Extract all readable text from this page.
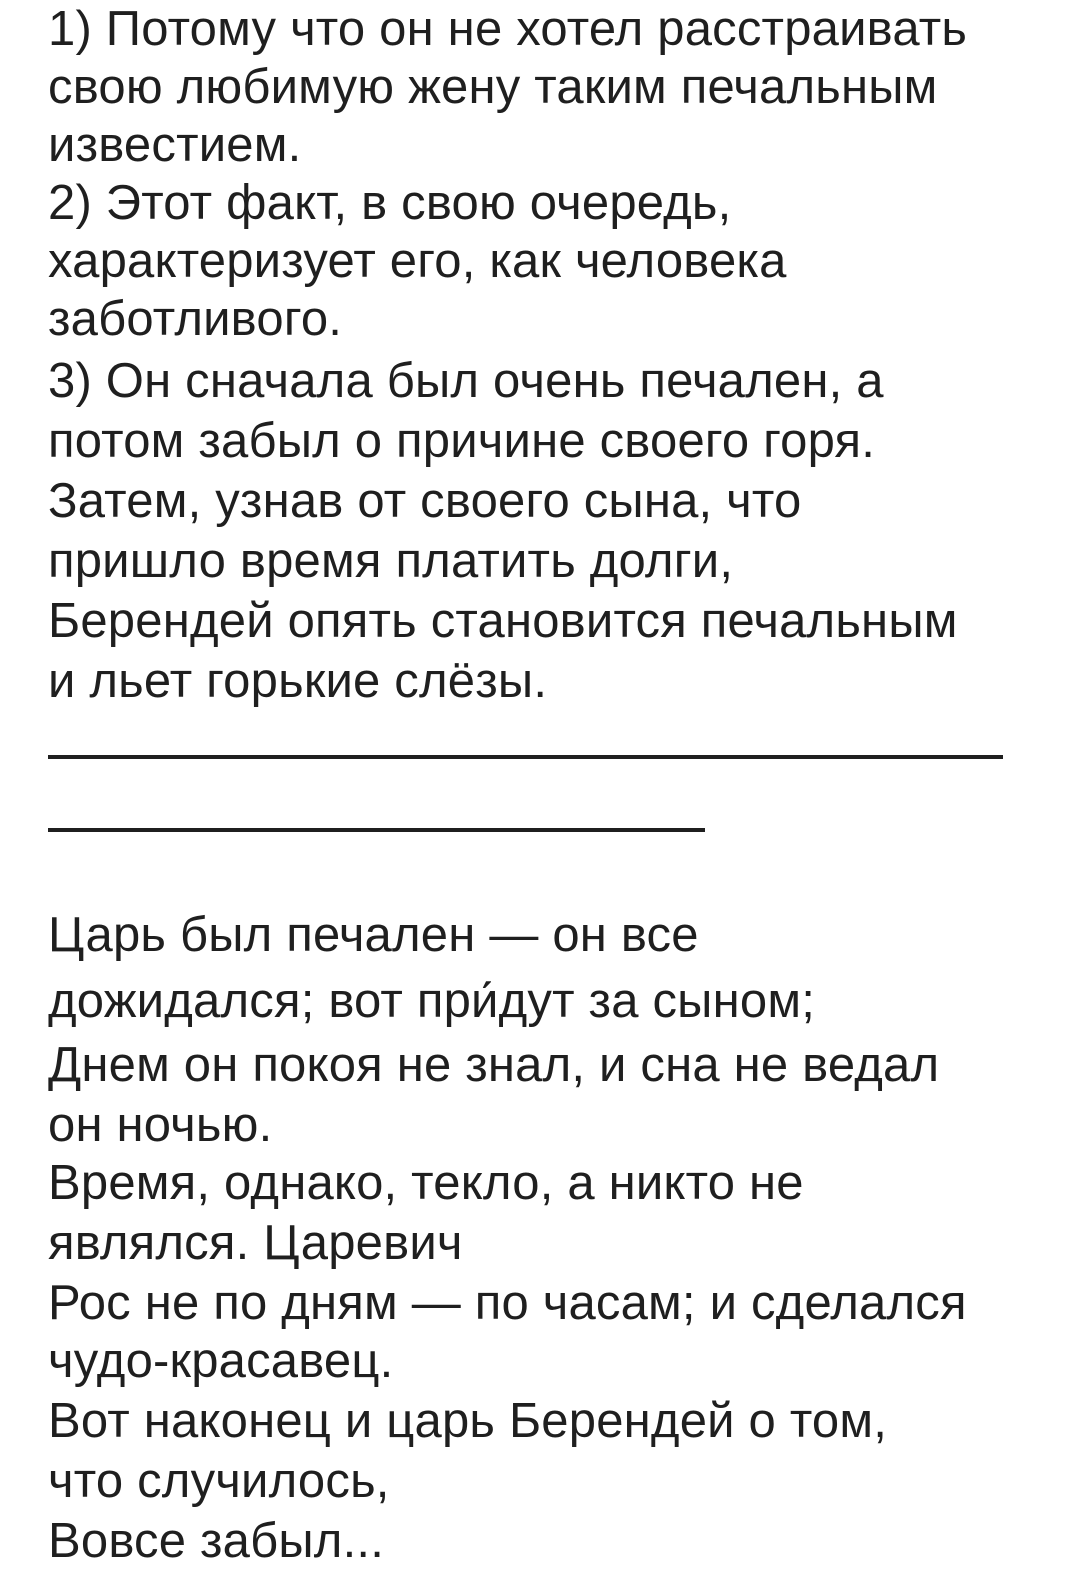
1) Потому что он не хотел расстраивать

свою любимую жену таким печальным

известием.

2) Этот факт, в свою очередь,

характеризует его, как человека

заботливого.

3) Он сначала был очень печален, а

потом забыл о причине своего горя.

Затем, узнав от своего сына, что

пришло время платить долги,

Берендей опять становится печальным

и льет горькие слёзы.

Царь был печален — он все

дожидался; вот при́дут за сыном;

Днем он покоя не знал, и сна не ведал

он ночью.

Время, однако, текло, а никто не

являлся. Царевич

Рос не по дням — по часам; и сделался

чудо-красавец.

Вот наконец и царь Берендей о том,

что случилось,

Вовсе забыл...
